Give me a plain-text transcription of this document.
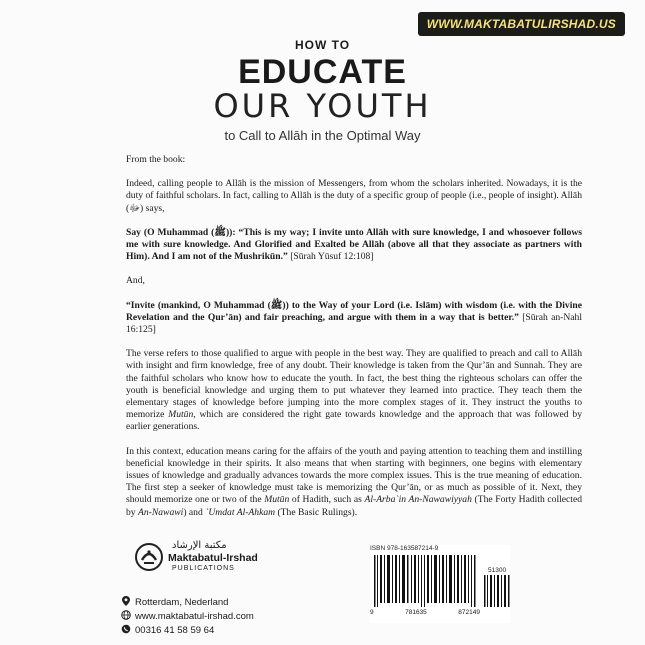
WWW.MAKTABATULIRSHAD.US
HOW TO
EDUCATE
OUR YOUTH
to Call to Allāh in the Optimal Way

From the book:

Indeed, calling people to Allāh is the mission of Messengers, from whom the scholars inherited. Nowadays, it is the duty of faithful scholars. In fact, calling to Allāh is the duty of a specific group of people (i.e., people of insight). Allāh (ﷻ) says,

Say (O Muhammad (ﷺ)): “This is my way; I invite unto Allāh with sure knowledge, I and whosoever follows me with sure knowledge. And Glorified and Exalted be Allāh (above all that they associate as partners with Him). And I am not of the Mushrikūn.” [Sūrah Yūsuf 12:108]

And,

“Invite (mankind, O Muhammad (ﷺ)) to the Way of your Lord (i.e. Islām) with wisdom (i.e. with the Divine Revelation and the Qur’ān) and fair preaching, and argue with them in a way that is better.” [Sūrah an-Nahl 16:125]

The verse refers to those qualified to argue with people in the best way. They are qualified to preach and call to Allāh with insight and firm knowledge, free of any doubt. Their knowledge is taken from the Qur’ān and Sunnah. They are the faithful scholars who know how to educate the youth. In fact, the best thing the righteous scholars can offer the youth is beneficial knowledge and urging them to put whatever they learned into practice. They teach them the elementary stages of knowledge before jumping into the more complex stages of it. They instruct the youths to memorize Mutūn, which are considered the right gate towards knowledge and the approach that was followed by earlier generations.

In this context, education means caring for the affairs of the youth and paying attention to teaching them and instilling beneficial knowledge in their spirits. It also means that when starting with beginners, one begins with elementary issues of knowledge and gradually advances towards the more complex issues. This is the true meaning of education. The first step a seeker of knowledge must take is memorizing the Qur’ān, or as much as possible of it. Next, they should memorize one or two of the Mutūn of Hadith, such as Al-Arba`in An-Nawawiyyah (The Forty Hadith collected by An-Nawawi) and `Umdat Al-Ahkam (The Basic Rulings).

مكتبة الإرشاد
Maktabatul-Irshad
PUBLICATIONS
ISBN 978-163587214-9
51300
9	781635	872149
Rotterdam, Nederland
www.maktabatul-irshad.com
00316 41 58 59 64
